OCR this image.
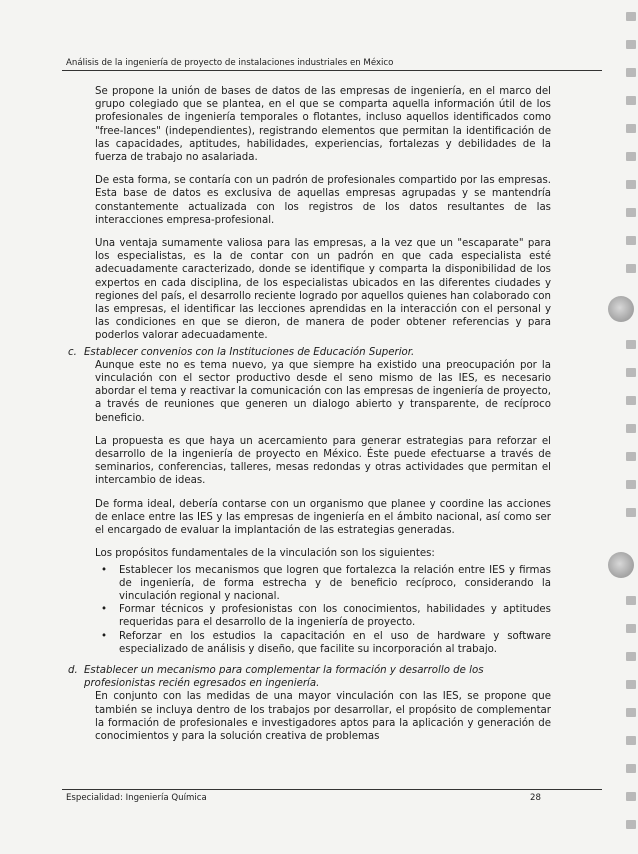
Análisis de la ingeniería de proyecto de instalaciones industriales en México

Se propone la unión de bases de datos de las empresas de ingeniería, en el marco del grupo colegiado que se plantea, en el que se comparta aquella información útil de los profesionales de ingeniería temporales o flotantes, incluso aquellos identificados como "free-lances" (independientes), registrando elementos que permitan la identificación de las capacidades, aptitudes, habilidades, experiencias, fortalezas y debilidades de la fuerza de trabajo no asalariada.

De esta forma, se contaría con un padrón de profesionales compartido por las empresas. Esta base de datos es exclusiva de aquellas empresas agrupadas y se mantendría constantemente actualizada con los registros de los datos resultantes de las interacciones empresa-profesional.

Una ventaja sumamente valiosa para las empresas, a la vez que un "escaparate" para los especialistas, es la de contar con un padrón en que cada especialista esté adecuadamente caracterizado, donde se identifique y comparta la disponibilidad de los expertos en cada disciplina, de los especialistas ubicados en las diferentes ciudades y regiones del país, el desarrollo reciente logrado por aquellos quienes han colaborado con las empresas, el identificar las lecciones aprendidas en la interacción con el personal y las condiciones en que se dieron, de manera de poder obtener referencias y para poderlos valorar adecuadamente.

c. Establecer convenios con la Instituciones de Educación Superior.

Aunque este no es tema nuevo, ya que siempre ha existido una preocupación por la vinculación con el sector productivo desde el seno mismo de las IES, es necesario abordar el tema y reactivar la comunicación con las empresas de ingeniería de proyecto, a través de reuniones que generen un dialogo abierto y transparente, de recíproco beneficio.

La propuesta es que haya un acercamiento para generar estrategias para reforzar el desarrollo de la ingeniería de proyecto en México. Éste puede efectuarse a través de seminarios, conferencias, talleres, mesas redondas y otras actividades que permitan el intercambio de ideas.

De forma ideal, debería contarse con un organismo que planee y coordine las acciones de enlace entre las IES y las empresas de ingeniería en el ámbito nacional, así como ser el encargado de evaluar la implantación de las estrategias generadas.

Los propósitos fundamentales de la vinculación son los siguientes:

• Establecer los mecanismos que logren que fortalezca la relación entre IES y firmas de ingeniería, de forma estrecha y de beneficio recíproco, considerando la vinculación regional y nacional.
• Formar técnicos y profesionistas con los conocimientos, habilidades y aptitudes requeridas para el desarrollo de la ingeniería de proyecto.
• Reforzar en los estudios la capacitación en el uso de hardware y software especializado de análisis y diseño, que facilite su incorporación al trabajo.
d. Establecer un mecanismo para complementar la formación y desarrollo de los
profesionistas recién egresados en ingeniería.

En conjunto con las medidas de una mayor vinculación con las IES, se propone que también se incluya dentro de los trabajos por desarrollar, el propósito de complementar la formación de profesionales e investigadores aptos para la aplicación y generación de conocimientos y para la solución creativa de problemas

Especialidad: Ingeniería Química	28
